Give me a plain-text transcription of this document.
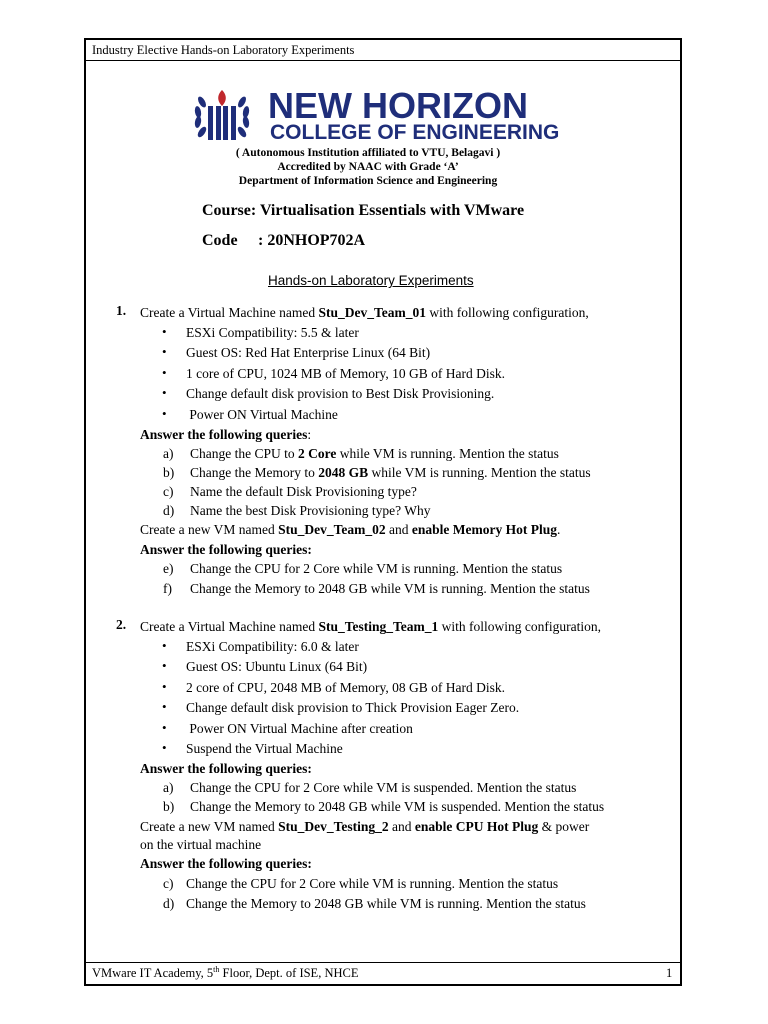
Industry Elective Hands-on Laboratory Experiments
NEW HORIZON
COLLEGE OF ENGINEERING
( Autonomous Institution affiliated to VTU, Belagavi )
Accredited by NAAC with Grade ‘A’
Department of Information Science and Engineering
Course: Virtualisation Essentials with VMware
Code : 20NHOP702A
Hands-on Laboratory Experiments
1. Create a Virtual Machine named Stu_Dev_Team_01 with following configuration,
• ESXi Compatibility: 5.5 & later
• Guest OS: Red Hat Enterprise Linux (64 Bit)
• 1 core of CPU, 1024 MB of Memory, 10 GB of Hard Disk.
• Change default disk provision to Best Disk Provisioning.
• Power ON Virtual Machine
Answer the following queries:
a) Change the CPU to 2 Core while VM is running. Mention the status
b) Change the Memory to 2048 GB while VM is running. Mention the status
c) Name the default Disk Provisioning type?
d) Name the best Disk Provisioning type? Why
Create a new VM named Stu_Dev_Team_02 and enable Memory Hot Plug.
Answer the following queries:
e) Change the CPU for 2 Core while VM is running. Mention the status
f) Change the Memory to 2048 GB while VM is running. Mention the status
2. Create a Virtual Machine named Stu_Testing_Team_1 with following configuration,
• ESXi Compatibility: 6.0 & later
• Guest OS: Ubuntu Linux (64 Bit)
• 2 core of CPU, 2048 MB of Memory, 08 GB of Hard Disk.
• Change default disk provision to Thick Provision Eager Zero.
• Power ON Virtual Machine after creation
• Suspend the Virtual Machine
Answer the following queries:
a) Change the CPU for 2 Core while VM is suspended. Mention the status
b) Change the Memory to 2048 GB while VM is suspended. Mention the status
Create a new VM named Stu_Dev_Testing_2 and enable CPU Hot Plug & power
on the virtual machine
Answer the following queries:
c) Change the CPU for 2 Core while VM is running. Mention the status
d) Change the Memory to 2048 GB while VM is running. Mention the status
VMware IT Academy, 5th Floor, Dept. of ISE, NHCE	1
